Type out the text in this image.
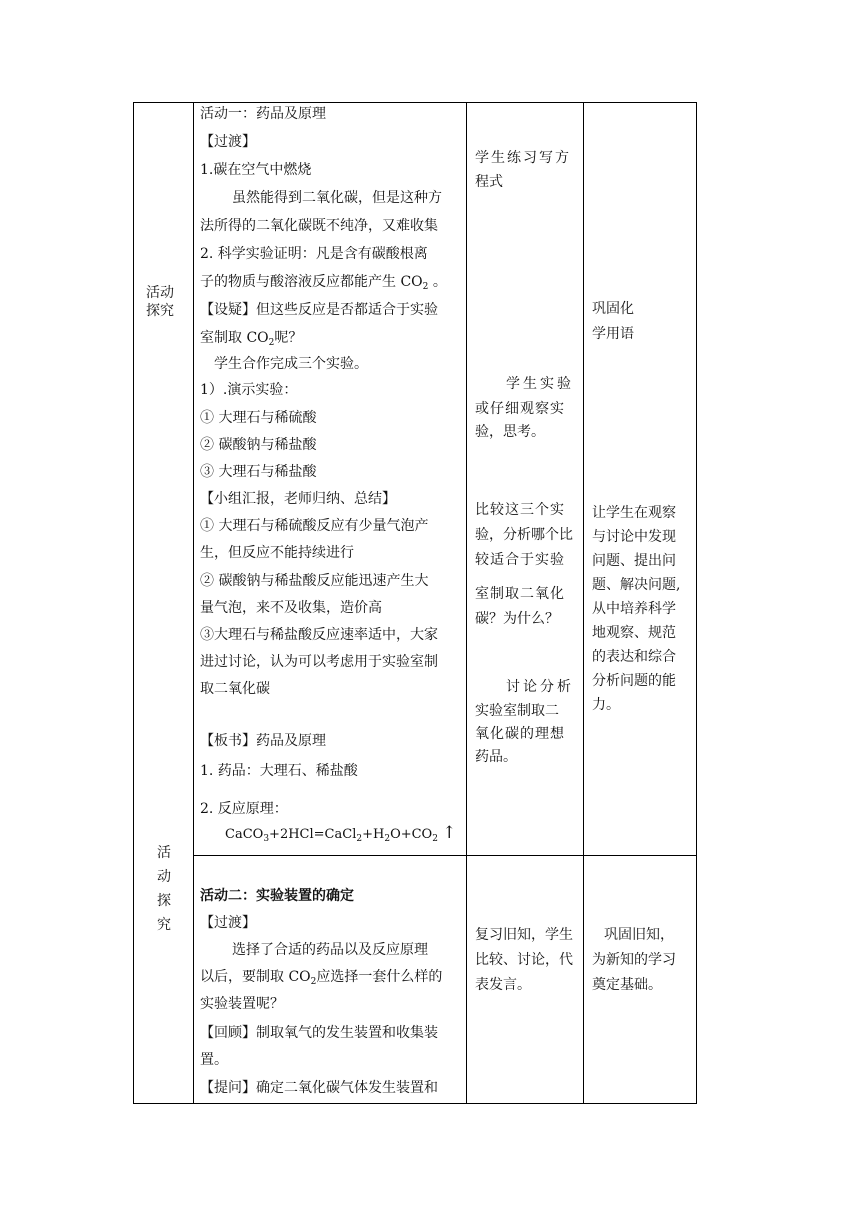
活动
探究
活
动
探
究
活动一：药品及原理
【过渡】
1.碳在空气中燃烧
虽然能得到二氧化碳，但是这种方
法所得的二氧化碳既不纯净，又难收集
2. 科学实验证明：凡是含有碳酸根离
子的物质与酸溶液反应都能产生 $CO_2$ 。
【设疑】但这些反应是否都适合于实验
室制取 $CO_2$呢？
学生合作完成三个实验。
1）.演示实验：
① 大理石与稀硫酸
② 碳酸钠与稀盐酸
③ 大理石与稀盐酸
【小组汇报，老师归纳、总结】
① 大理石与稀硫酸反应有少量气泡产
生，但反应不能持续进行
② 碳酸钠与稀盐酸反应能迅速产生大
量气泡，来不及收集，造价高
③大理石与稀盐酸反应速率适中，大家
进过讨论，认为可以考虑用于实验室制
取二氧化碳
【板书】药品及原理
1. 药品：大理石、稀盐酸
2. 反应原理：
$CaCO_3+2HCl=CaCl_2+H_2O+CO_2$ ↑
活动二：实验装置的确定
【过渡】
选择了合适的药品以及反应原理
以后，要制取 $CO_2$应选择一套什么样的
实验装置呢？
【回顾】制取氧气的发生装置和收集装
置。
【提问】确定二氧化碳气体发生装置和
学生练习写方
程式
学生实验
或仔细观察实
验，思考。
比较这三个实
验，分析哪个比
较适合于实验
室制取二氧化
碳？为什么？
讨论分析
实验室制取二
氧化碳的理想
药品。
复习旧知，学生
比较、讨论，代
表发言。
巩固化
学用语
让学生在观察
与讨论中发现
问题、提出问
题、解决问题,
从中培养科学
地观察、规范
的表达和综合
分析问题的能
力。
巩固旧知，
为新知的学习
奠定基础。
